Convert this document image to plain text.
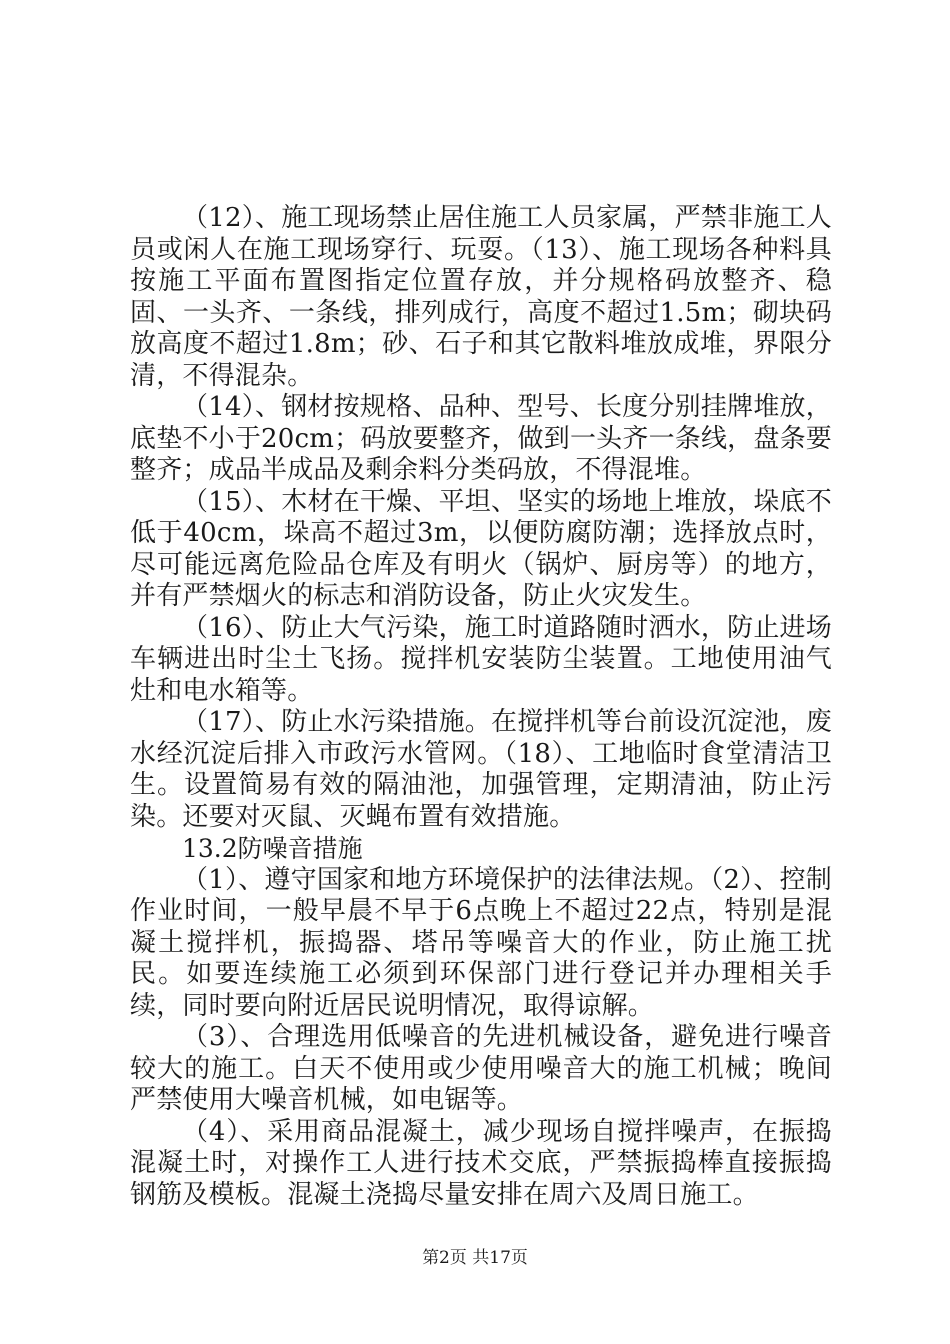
（12）、施工现场禁止居住施工人员家属，严禁非施工人员或闲人在施工现场穿行、玩耍。（13）、施工现场各种料具按施工平面布置图指定位置存放，并分规格码放整齐、稳固、一头齐、一条线，排列成行，高度不超过1.5m；砌块码放高度不超过1.8m；砂、石子和其它散料堆放成堆，界限分清，不得混杂。

（14）、钢材按规格、品种、型号、长度分别挂牌堆放，底垫不小于20cm；码放要整齐，做到一头齐一条线，盘条要整齐；成品半成品及剩余料分类码放，不得混堆。

（15）、木材在干燥、平坦、坚实的场地上堆放，垛底不低于40cm，垛高不超过3m，以便防腐防潮；选择放点时，尽可能远离危险品仓库及有明火（锅炉、厨房等）的地方，并有严禁烟火的标志和消防设备，防止火灾发生。

（16）、防止大气污染，施工时道路随时洒水，防止进场车辆进出时尘土飞扬。搅拌机安装防尘装置。工地使用油气灶和电水箱等。

（17）、防止水污染措施。在搅拌机等台前设沉淀池，废水经沉淀后排入市政污水管网。（18）、工地临时食堂清洁卫生。设置简易有效的隔油池，加强管理，定期清油，防止污染。还要对灭鼠、灭蝇布置有效措施。

13.2防噪音措施

（1）、遵守国家和地方环境保护的法律法规。（2）、控制作业时间，一般早晨不早于6点晚上不超过22点，特别是混凝土搅拌机，振捣器、塔吊等噪音大的作业，防止施工扰民。如要连续施工必须到环保部门进行登记并办理相关手续，同时要向附近居民说明情况，取得谅解。

（3）、合理选用低噪音的先进机械设备，避免进行噪音较大的施工。白天不使用或少使用噪音大的施工机械；晚间严禁使用大噪音机械，如电锯等。

（4）、采用商品混凝土，减少现场自搅拌噪声，在振捣混凝土时，对操作工人进行技术交底，严禁振捣棒直接振捣钢筋及模板。混凝土浇捣尽量安排在周六及周日施工。

第2页 共17页
